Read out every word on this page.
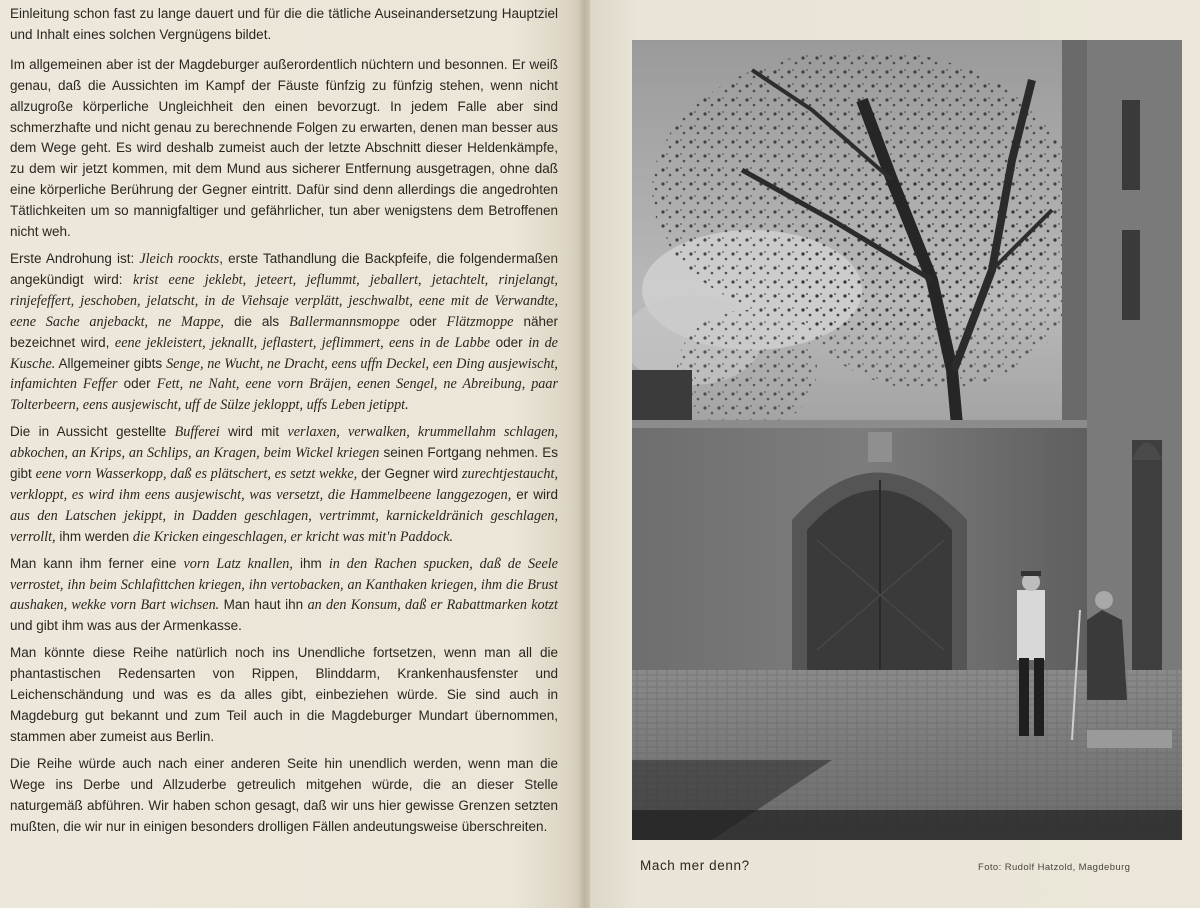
Einleitung schon fast zu lange dauert und für die die tätliche Auseinandersetzung Hauptziel und Inhalt eines solchen Vergnügens bildet.

Im allgemeinen aber ist der Magdeburger außerordentlich nüchtern und besonnen. Er weiß genau, daß die Aussichten im Kampf der Fäuste fünfzig zu fünfzig stehen, wenn nicht allzugroße körperliche Ungleichheit den einen bevorzugt. In jedem Falle aber sind schmerzhafte und nicht genau zu berechnende Folgen zu erwarten, denen man besser aus dem Wege geht. Es wird deshalb zumeist auch der letzte Abschnitt dieser Heldenkämpfe, zu dem wir jetzt kommen, mit dem Mund aus sicherer Entfernung ausgetragen, ohne daß eine körperliche Berührung der Gegner eintritt. Dafür sind denn allerdings die angedrohten Tätlichkeiten um so mannigfaltiger und gefährlicher, tun aber wenigstens dem Betroffenen nicht weh.

Erste Androhung ist: Jleich roockts, erste Tathandlung die Backpfeife, die folgendermaßen angekündigt wird: krist eene jeklebt, jeteert, jeflummt, jeballert, jetachtelt, rinjelangt, rinjefeffert, jeschoben, jelatscht, in de Viehsaje verplätt, jeschwalbt, eene mit de Verwandte, eene Sache anjebackt, ne Mappe, die als Ballermannsmoppe oder Flätzmoppe näher bezeichnet wird, eene jekleistert, jeknallt, jeflastert, jeflimmert, eens in de Labbe oder in de Kusche. Allgemeiner gibts Senge, ne Wucht, ne Dracht, eens uffn Deckel, een Ding ausjewischt, infamichten Feffer oder Fett, ne Naht, eene vorn Bräjen, eenen Sengel, ne Abreibung, paar Tolterbeern, eens ausjewischt, uff de Sülze jekloppt, uffs Leben jetippt.

Die in Aussicht gestellte Bufferei wird mit verlaxen, verwalken, krummellahm schlagen, abkochen, an Krips, an Schlips, an Kragen, beim Wickel kriegen seinen Fortgang nehmen. Es gibt eene vorn Wasserkopp, daß es plätschert, es setzt wekke, der Gegner wird zurechtjestaucht, verkloppt, es wird ihm eens ausjewischt, was versetzt, die Hammelbeene langgezogen, er wird aus den Latschen jekippt, in Dadden geschlagen, vertrimmt, karnickeldränich geschlagen, verrollt, ihm werden die Kricken eingeschlagen, er kricht was mit'n Paddock.

Man kann ihm ferner eine vorn Latz knallen, ihm in den Rachen spucken, daß de Seele verrostet, ihn beim Schlafittchen kriegen, ihn vertobacken, an Kanthaken kriegen, ihm die Brust aushaken, wekke vorn Bart wichsen. Man haut ihn an den Konsum, daß er Rabattmarken kotzt und gibt ihm was aus der Armenkasse.

Man könnte diese Reihe natürlich noch ins Unendliche fortsetzen, wenn man all die phantastischen Redensarten von Rippen, Blinddarm, Krankenhausfenster und Leichenschändung und was es da alles gibt, einbeziehen würde. Sie sind auch in Magdeburg gut bekannt und zum Teil auch in die Magdeburger Mundart übernommen, stammen aber zumeist aus Berlin.

Die Reihe würde auch nach einer anderen Seite hin unendlich werden, wenn man die Wege ins Derbe und Allzuderbe getreulich mitgehen würde, die an dieser Stelle naturgemäß abführen. Wir haben schon gesagt, daß wir uns hier gewisse Grenzen setzten mußten, die wir nur in einigen besonders drolligen Fällen andeutungsweise überschreiten.

Mach mer denn?	Foto: Rudolf Hatzold, Magdeburg
